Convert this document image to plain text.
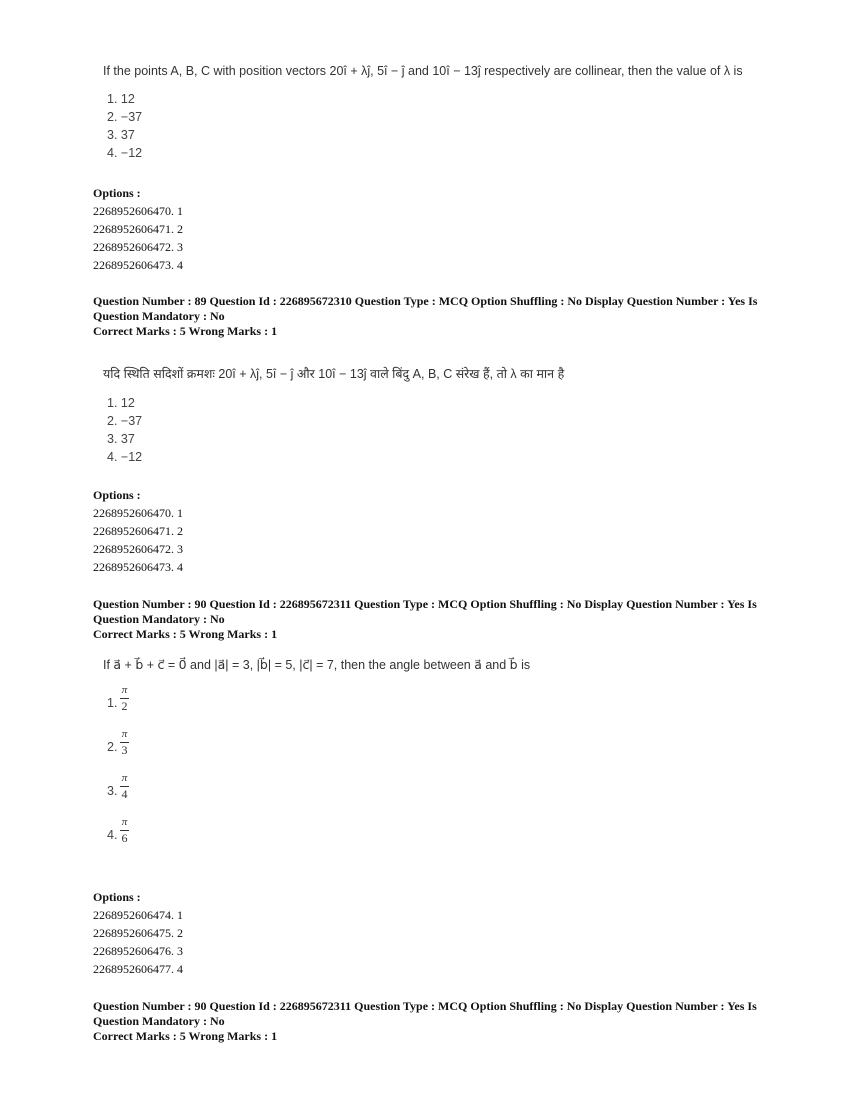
If the points A, B, C with position vectors 20î + λĵ, 5î − ĵ and 10î − 13ĵ respectively are collinear, then the value of λ is
1. 12
2. −37
3. 37
4. −12
Options :
2268952606470. 1
2268952606471. 2
2268952606472. 3
2268952606473. 4
Question Number : 89 Question Id : 226895672310 Question Type : MCQ Option Shuffling : No Display Question Number : Yes Is
Question Mandatory : No
Correct Marks : 5 Wrong Marks : 1
यदि स्थिति सदिशों क्रमशः 20î + λĵ, 5î − ĵ और 10î − 13ĵ वाले बिंदु A, B, C संरेख हैं, तो λ का मान है
1. 12
2. −37
3. 37
4. −12
Options :
2268952606470. 1
2268952606471. 2
2268952606472. 3
2268952606473. 4
Question Number : 90 Question Id : 226895672311 Question Type : MCQ Option Shuffling : No Display Question Number : Yes Is
Question Mandatory : No
Correct Marks : 5 Wrong Marks : 1
If a⃗ + b⃗ + c⃗ = 0⃗ and |a⃗| = 3, |b⃗| = 5, |c⃗| = 7, then the angle between a⃗ and b⃗ is
1.
π
2
2.
π
3
3.
π
4
4.
π
6
Options :
2268952606474. 1
2268952606475. 2
2268952606476. 3
2268952606477. 4
Question Number : 90 Question Id : 226895672311 Question Type : MCQ Option Shuffling : No Display Question Number : Yes Is
Question Mandatory : No
Correct Marks : 5 Wrong Marks : 1
